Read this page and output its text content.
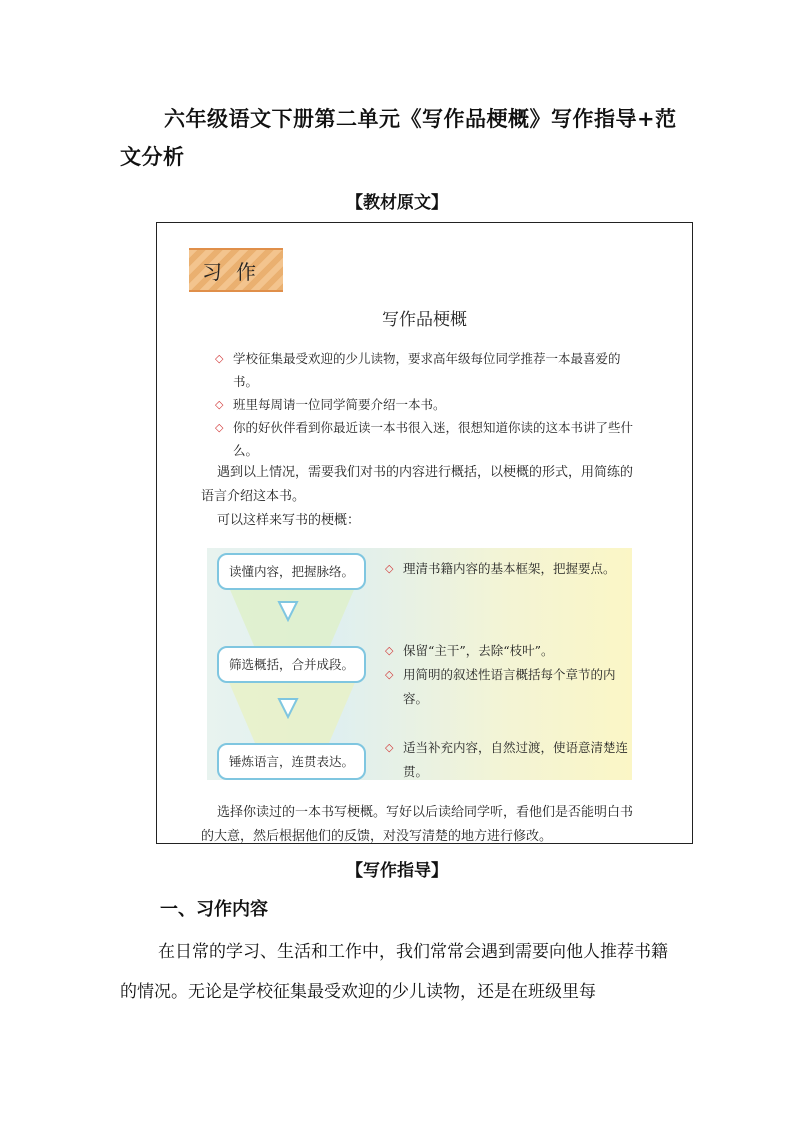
六年级语文下册第二单元《写作品梗概》写作指导+范
文分析
【教材原文】
习作
写作品梗概

◇ 学校征集最受欢迎的少儿读物，要求高年级每位同学推荐一本最喜爱的书。

◇ 班里每周请一位同学简要介绍一本书。

◇ 你的好伙伴看到你最近读一本书很入迷，很想知道你读的这本书讲了些什么。

遇到以上情况，需要我们对书的内容进行概括，以梗概的形式，用简练的语言介绍这本书。
可以这样来写书的梗概：
读懂内容，把握脉络。
筛选概括，合并成段。
锤炼语言，连贯表达。

◇ 理清书籍内容的基本框架，把握要点。

◇ 保留“主干”，去除“枝叶”。

◇ 用简明的叙述性语言概括每个章节的内容。

◇ 适当补充内容，自然过渡，使语意清楚连贯。

选择你读过的一本书写梗概。写好以后读给同学听，看他们是否能明白书的大意，然后根据他们的反馈，对没写清楚的地方进行修改。
【写作指导】
一、习作内容

在日常的学习、生活和工作中，我们常常会遇到需要向他人推荐书籍的情况。无论是学校征集最受欢迎的少儿读物，还是在班级里每
